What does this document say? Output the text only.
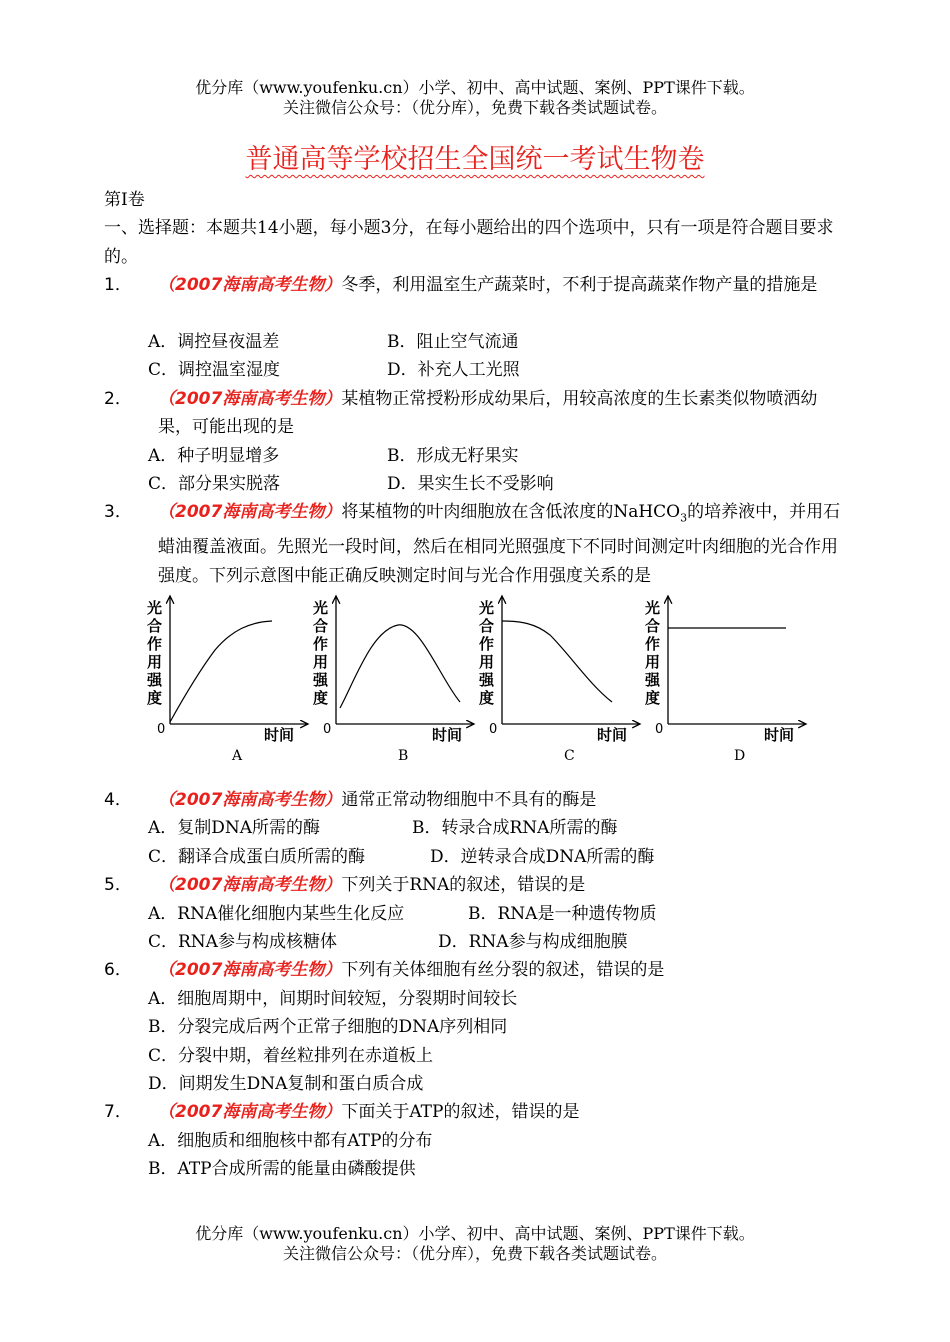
优分库（www.youfenku.cn）小学、初中、高中试题、案例、PPT课件下载。
关注微信公众号：（优分库），免费下载各类试题试卷。
普通高等学校招生全国统一考试生物卷
第Ⅰ卷
一、选择题：本题共14小题，每小题3分，在每小题给出的四个选项中，只有一项是符合题目要求的。
1．	（2007海南高考生物）冬季，利用温室生产蔬菜时，不利于提高蔬菜作物产量的措施是
A．调控昼夜温差	B．阻止空气流通
C．调控温室湿度	D．补充人工光照
2．	（2007海南高考生物）某植物正常授粉形成幼果后，用较高浓度的生长素类似物喷洒幼果，可能出现的是
A．种子明显增多	B．形成无籽果实
C．部分果实脱落	D．果实生长不受影响
3．	（2007海南高考生物）将某植物的叶肉细胞放在含低浓度的NaHCO$_3$的培养液中，并用石蜡油覆盖液面。先照光一段时间，然后在相同光照强度下不同时间测定叶肉细胞的光合作用强度。下列示意图中能正确反映测定时间与光合作用强度关系的是
光合作用强度
0	时间
A
光合作用强度
0	时间
B
光合作用强度
0	时间
C
光合作用强度
0	时间
D
4．	（2007海南高考生物）通常正常动物细胞中不具有的酶是
A．复制DNA所需的酶	B．转录合成RNA所需的酶
C．翻译合成蛋白质所需的酶	D．逆转录合成DNA所需的酶
5．	（2007海南高考生物）下列关于RNA的叙述，错误的是
A．RNA催化细胞内某些生化反应	B．RNA是一种遗传物质
C．RNA参与构成核糖体	D．RNA参与构成细胞膜
6．	（2007海南高考生物）下列有关体细胞有丝分裂的叙述，错误的是
A．细胞周期中，间期时间较短，分裂期时间较长
B．分裂完成后两个正常子细胞的DNA序列相同
C．分裂中期，着丝粒排列在赤道板上
D．间期发生DNA复制和蛋白质合成
7．	（2007海南高考生物）下面关于ATP的叙述，错误的是
A．细胞质和细胞核中都有ATP的分布
B．ATP合成所需的能量由磷酸提供
优分库（www.youfenku.cn）小学、初中、高中试题、案例、PPT课件下载。
关注微信公众号：（优分库），免费下载各类试题试卷。
